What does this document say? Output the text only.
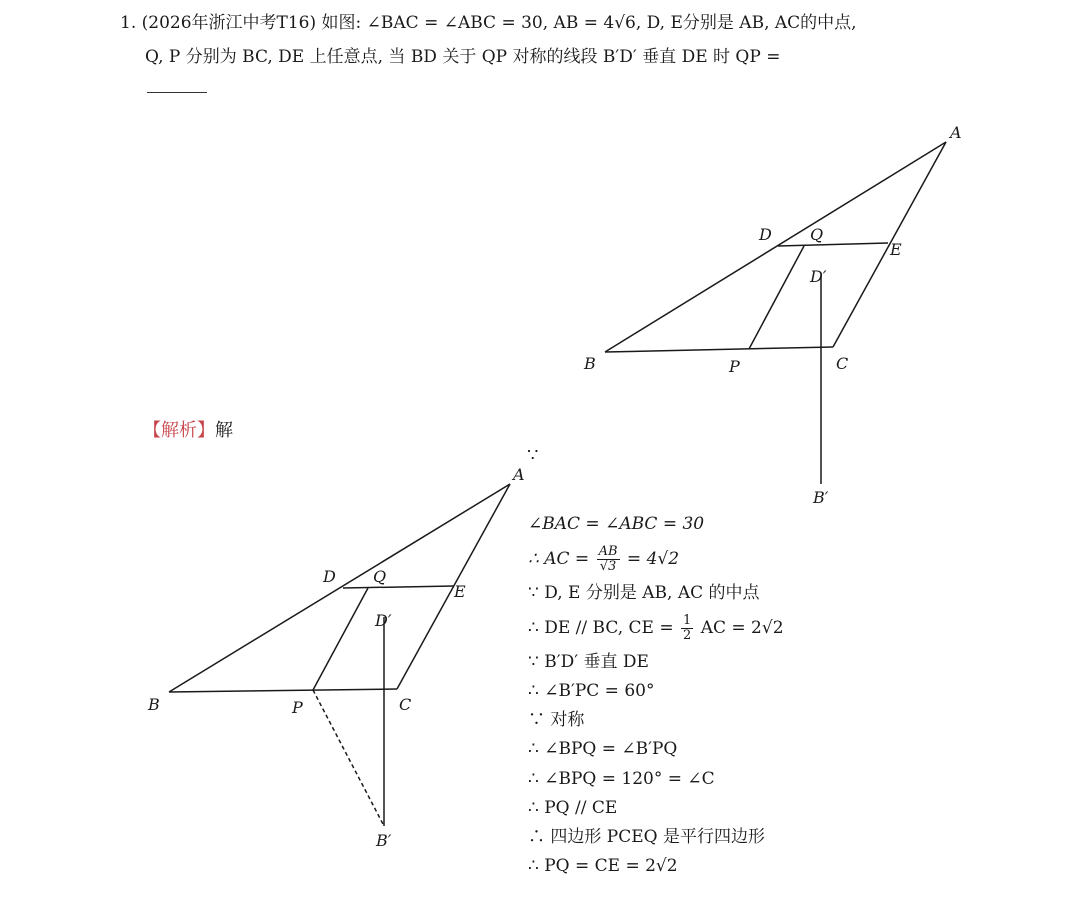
1. (2026年浙江中考T16) 如图: ∠BAC = ∠ABC = 30, AB = 4√6, D, E分别是 AB, AC的中点,
Q, P 分别为 BC, DE 上任意点, 当 BD 关于 QP 对称的线段 B′D′ 垂直 DE 时 QP =
A
B	C
D
E
P
Q
D′
B′
【解析】解
A
B	C
D
E
P
Q
D′
B′
∵
∠BAC = ∠ABC = 30
∴ AC = $\frac{AB}{√3} = 4√2$
∵ D, E 分别是 AB, AC 的中点
∴ DE // BC, CE = $\frac{1}{2}$ AC = 2√2
∵ B′D′ 垂直 DE
∴ ∠B′PC = 60°
∵ 对称
∴ ∠BPQ = ∠B′PQ
∴ ∠BPQ = 120° = ∠C
∴ PQ // CE
∴ 四边形 PCEQ 是平行四边形
∴ PQ = CE = 2√2
